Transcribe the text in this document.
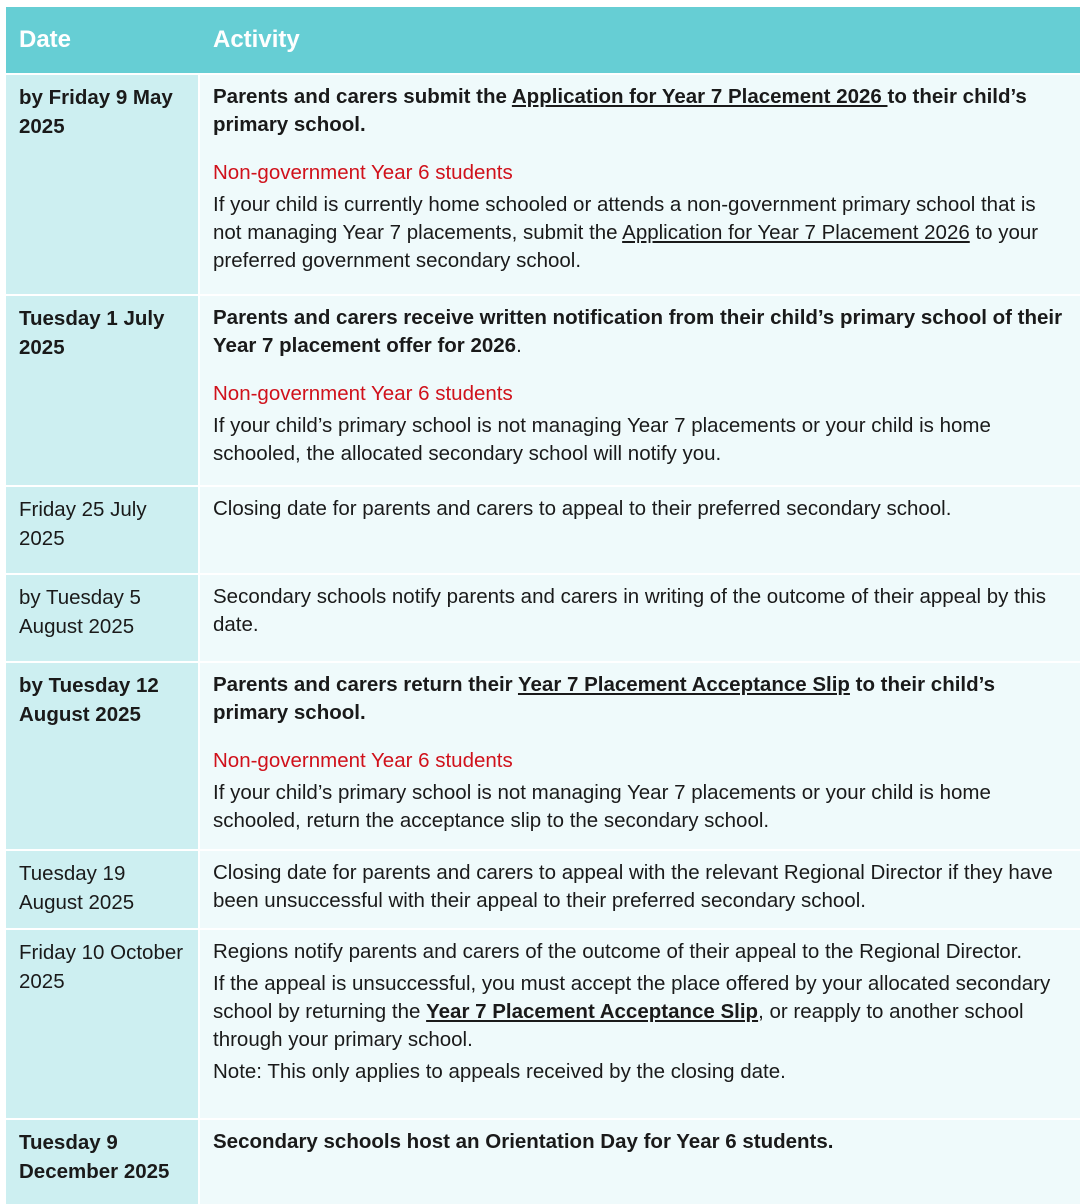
Date	Activity
by Friday 9 May 2025

Parents and carers submit the Application for Year 7 Placement 2026 to their child’s primary school.

Non-government Year 6 students

If your child is currently home schooled or attends a non-government primary school that is not managing Year 7 placements, submit the Application for Year 7 Placement 2026 to your preferred government secondary school.

Tuesday 1 July 2025

Parents and carers receive written notification from their child’s primary school of their Year 7 placement offer for 2026.

Non-government Year 6 students

If your child’s primary school is not managing Year 7 placements or your child is home schooled, the allocated secondary school will notify you.

Friday 25 July 2025

Closing date for parents and carers to appeal to their preferred secondary school.

by Tuesday 5 August 2025

Secondary schools notify parents and carers in writing of the outcome of their appeal by this date.

by Tuesday 12 August 2025

Parents and carers return their Year 7 Placement Acceptance Slip to their child’s primary school.

Non-government Year 6 students

If your child’s primary school is not managing Year 7 placements or your child is home schooled, return the acceptance slip to the secondary school.

Tuesday 19 August 2025

Closing date for parents and carers to appeal with the relevant Regional Director if they have been unsuccessful with their appeal to their preferred secondary school.

Friday 10 October 2025

Regions notify parents and carers of the outcome of their appeal to the Regional Director.

If the appeal is unsuccessful, you must accept the place offered by your allocated secondary school by returning the Year 7 Placement Acceptance Slip, or reapply to another school through your primary school.

Note: This only applies to appeals received by the closing date.

Tuesday 9 December 2025

Secondary schools host an Orientation Day for Year 6 students.
